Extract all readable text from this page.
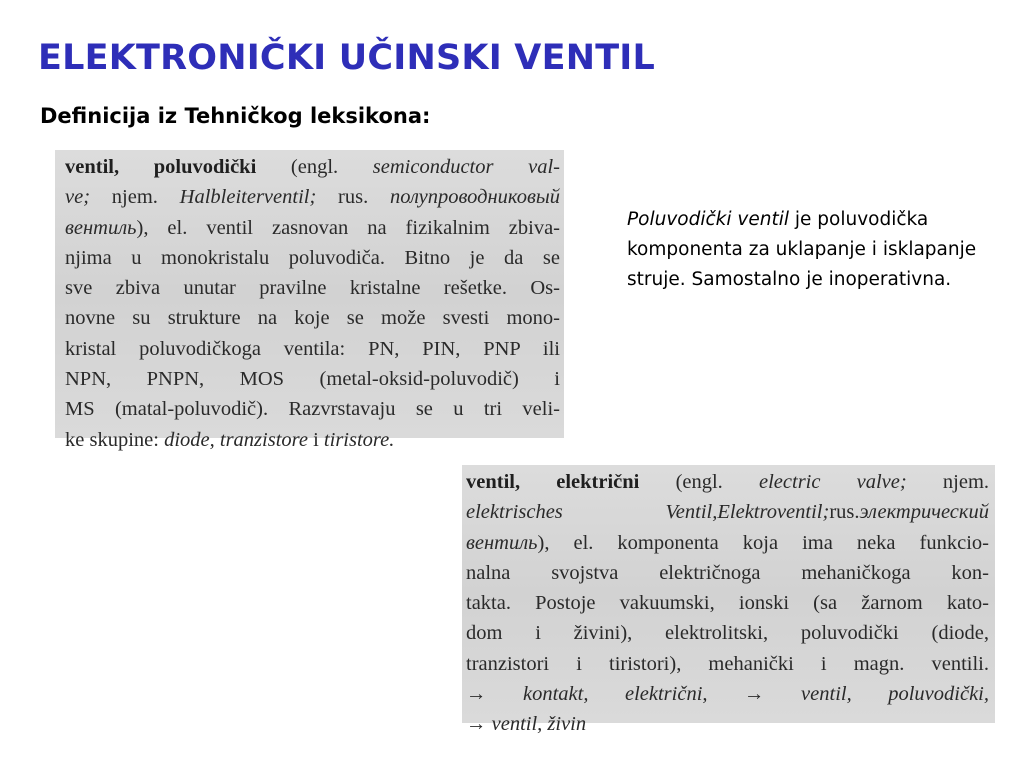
ELEKTRONIČKI UČINSKI VENTIL
Definicija iz Tehničkog leksikona:
ventil, poluvodički (engl. semiconductor val-
ve; njem. Halbleiterventil; rus. полупроводниковый
вентиль), el. ventil zasnovan na fizikalnim zbiva-
njima u monokristalu poluvodiča. Bitno je da se
sve zbiva unutar pravilne kristalne rešetke. Os-
novne su strukture na koje se može svesti mono-
kristal poluvodičkoga ventila: PN, PIN, PNP ili
NPN, PNPN, MOS (metal-oksid-poluvodič) i
MS (matal-poluvodič). Razvrstavaju se u tri veli-
ke skupine: diode, tranzistore i tiristore.
Poluvodički ventil je poluvodička komponenta za uklapanje i isklapanje struje. Samostalno je inoperativna.
ventil, električni (engl. electric valve; njem.
elektrisches Ventil,Elektroventil;rus.электрический
вентиль), el. komponenta koja ima neka funkcio-
nalna svojstva električnoga mehaničkoga kon-
takta. Postoje vakuumski, ionski (sa žarnom kato-
dom i živini), elektrolitski, poluvodički (diode,
tranzistori i tiristori), mehanički i magn. ventili.
→ kontakt, električni, → ventil, poluvodički,
→ ventil, živin
